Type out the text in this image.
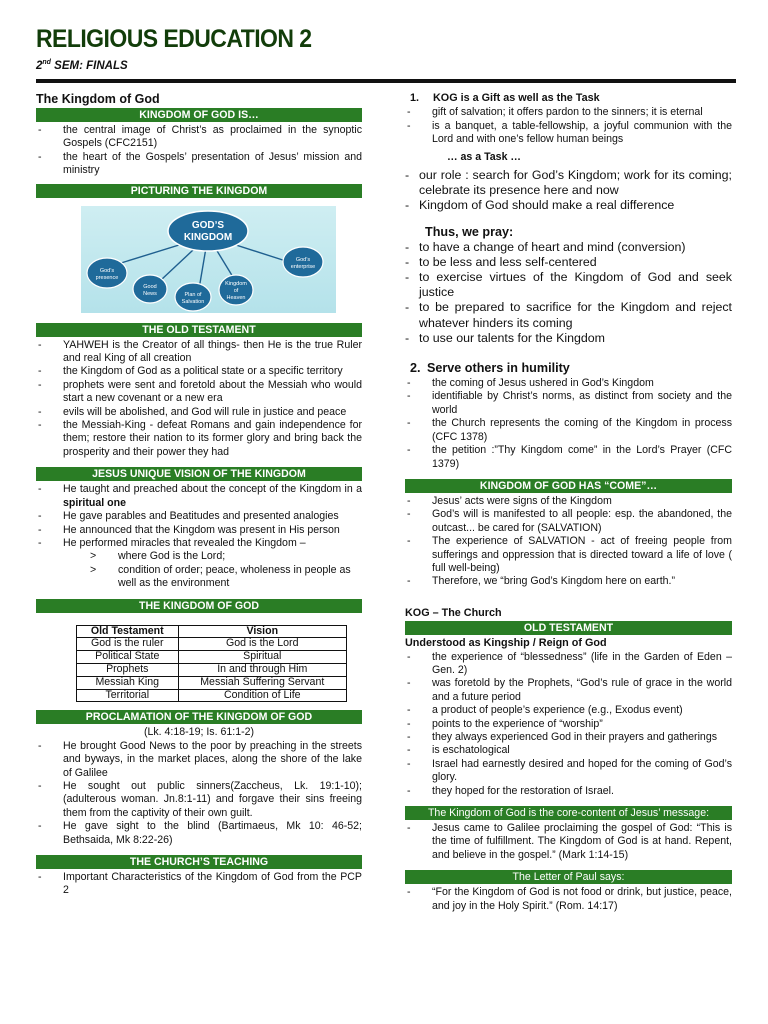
RELIGIOUS EDUCATION 2
2nd SEM: FINALS
The Kingdom of God
KINGDOM OF GOD IS…
- the central image of Christ’s as proclaimed in the synoptic Gospels (CFC2151)
- the heart of the Gospels’ presentation of Jesus’ mission and ministry
PICTURING THE KINGDOM
GODʼS
KINGDOM
Godʼs
presence
Good
News	Plan of
Salvation
Kingdom
of
Heaven
Godʼs
enterprise
THE OLD TESTAMENT
- YAHWEH is the Creator of all things- then He is the true Ruler and real King of all creation
- the Kingdom of God as a political state or a specific territory
- prophets were sent and foretold about the Messiah who would start a new covenant or a new era
- evils will be abolished, and God will rule in justice and peace
- the Messiah-King - defeat Romans and gain independence for them; restore their nation to its former glory and bring back the prosperity and their power they had
JESUS UNIQUE VISION OF THE KINGDOM
- He taught and preached about the concept of the Kingdom in a spiritual one
- He gave parables and Beatitudes and presented analogies
- He announced that the Kingdom was present in His person
- He performed miracles that revealed the Kingdom –
> where God is the Lord;
> condition of order; peace, wholeness in people as well as the environment
THE KINGDOM OF GOD
Old Testament	Vision
God is the ruler	God is the Lord
Political State	Spiritual
Prophets	In and through Him
Messiah King	Messiah Suffering Servant
Territorial	Condition of Life
PROCLAMATION OF THE KINGDOM OF GOD
(Lk. 4:18-19; Is. 61:1-2)
- He brought Good News to the poor by preaching in the streets and byways, in the market places, along the shore of the lake of Galilee
- He sought out public sinners(Zaccheus, Lk. 19:1-10); (adulterous woman. Jn.8:1-11) and forgave their sins freeing them from the captivity of their own guilt.
- He gave sight to the blind (Bartimaeus, Mk 10: 46-52; Bethsaida, Mk 8:22-26)
THE CHURCH’S TEACHING
- Important Characteristics of the Kingdom of God from the PCP 2
1. KOG is a Gift as well as the Task
- gift of salvation; it offers pardon to the sinners; it is eternal
- is a banquet, a table-fellowship, a joyful communion with the Lord and with one’s fellow human beings
… as a Task …
- our role : search for God’s Kingdom; work for its coming; celebrate its presence here and now
- Kingdom of God should make a real difference
Thus, we pray:
- to have a change of heart and mind (conversion)
- to be less and less self-centered
- to exercise virtues of the Kingdom of God and seek justice
- to be prepared to sacrifice for the Kingdom and reject whatever hinders its coming
- to use our talents for the Kingdom
2. Serve others in humility
- the coming of Jesus ushered in God’s Kingdom
- identifiable by Christ’s norms, as distinct from society and the world
- the Church represents the coming of the Kingdom in process (CFC 1378)
- the petition :”Thy Kingdom come” in the Lord’s Prayer (CFC 1379)
KINGDOM OF GOD HAS “COME”…
- Jesus’ acts were signs of the Kingdom
- God’s will is manifested to all people: esp. the abandoned, the outcast... be cared for (SALVATION)
- The experience of SALVATION - act of freeing people from sufferings and oppression that is directed toward a life of love ( full well-being)
- Therefore, we “bring God’s Kingdom here on earth.”
KOG – The Church
OLD TESTAMENT
Understood as Kingship / Reign of God
- the experience of “blessedness” (life in the Garden of Eden – Gen. 2)
- was foretold by the Prophets, “God’s rule of grace in the world and a future period
- a product of people’s experience (e.g., Exodus event)
- points to the experience of “worship”
- they always experienced God in their prayers and gatherings
- is eschatological
- Israel had earnestly desired and hoped for the coming of God’s glory.
- they hoped for the restoration of Israel.
The Kingdom of God is the core-content of Jesus’ message:
- Jesus came to Galilee proclaiming the gospel of God: “This is the time of fulfillment. The Kingdom of God is at hand. Repent, and believe in the gospel.” (Mark 1:14-15)
The Letter of Paul says:
- “For the Kingdom of God is not food or drink, but justice, peace, and joy in the Holy Spirit.” (Rom. 14:17)
